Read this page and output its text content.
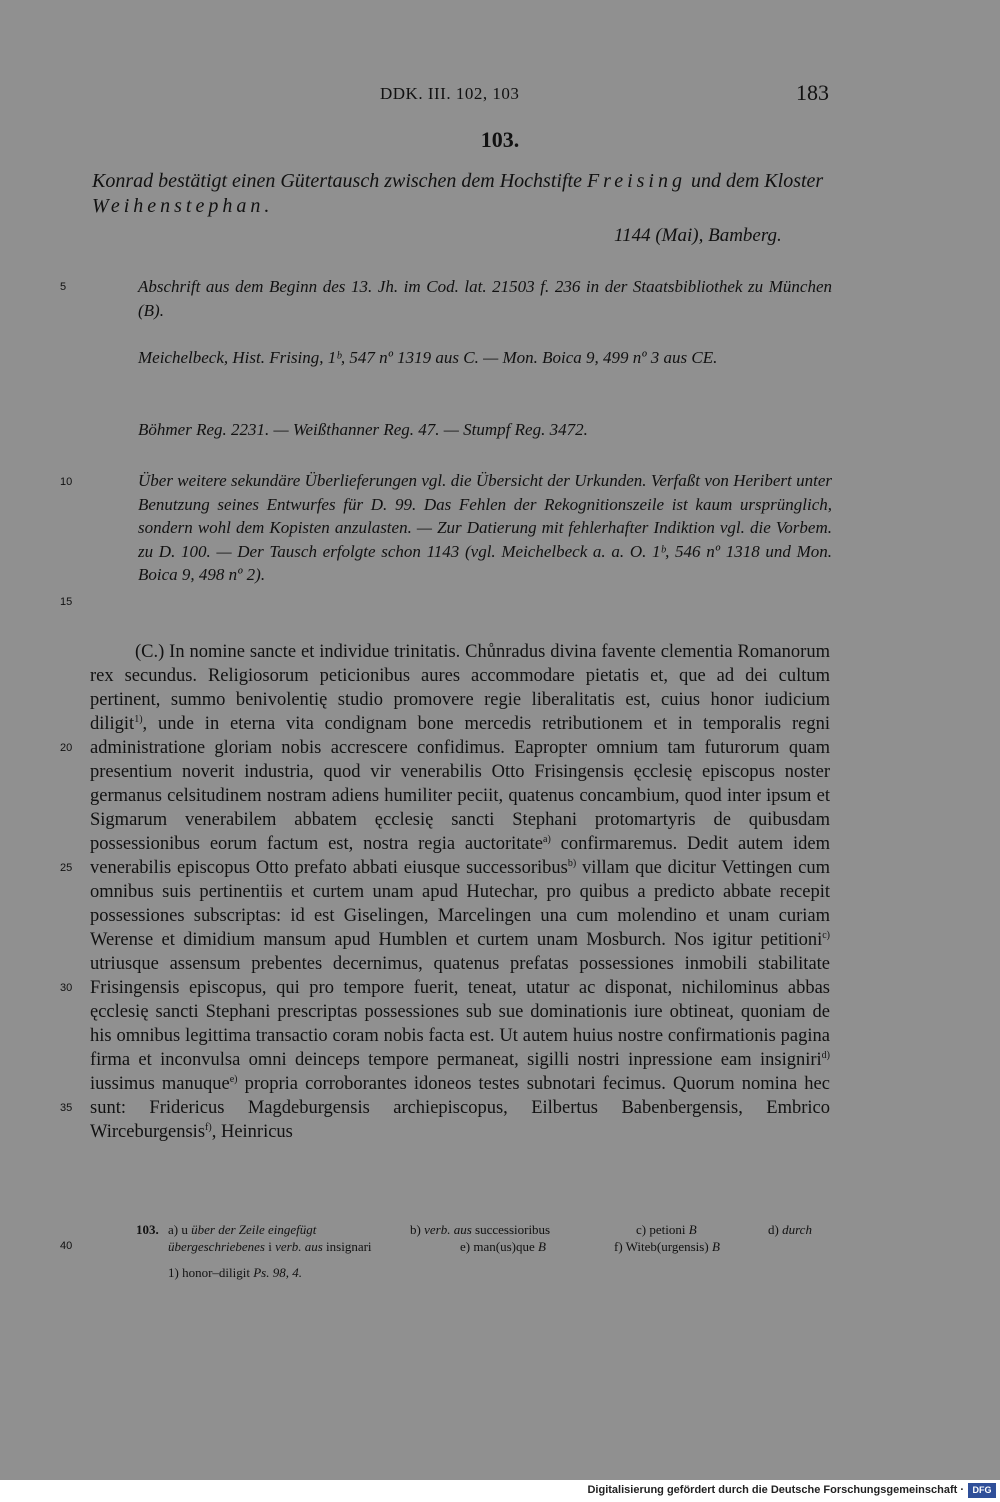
DDK. III. 102, 103	183
103.
Konrad bestätigt einen Gütertausch zwischen dem Hochstifte Freising und dem Kloster Weihenstephan.
1144 (Mai), Bamberg.

Abschrift aus dem Beginn des 13. Jh. im Cod. lat. 21503 f. 236 in der Staatsbibliothek zu München (B).

Meichelbeck, Hist. Frising, 1ᵇ, 547 nº 1319 aus C. — Mon. Boica 9, 499 nº 3 aus CE.

Böhmer Reg. 2231. — Weißthanner Reg. 47. — Stumpf Reg. 3472.

Über weitere sekundäre Überlieferungen vgl. die Übersicht der Urkunden. Verfaßt von Heribert unter Benutzung seines Entwurfes für D. 99. Das Fehlen der Rekognitionszeile ist kaum ursprünglich, sondern wohl dem Kopisten anzulasten. — Zur Datierung mit fehlerhafter Indiktion vgl. die Vorbem. zu D. 100. — Der Tausch erfolgte schon 1143 (vgl. Meichelbeck a. a. O. 1ᵇ, 546 nº 1318 und Mon. Boica 9, 498 nº 2).

(C.) In nomine sancte et individue trinitatis. Chůnradus divina favente clementia Romanorum rex secundus. Religiosorum peticionibus aures accommodare pietatis et, que ad dei cultum pertinent, summo benivolentię studio promovere regie liberalitatis est, cuius honor iudicium diligit$^{1)}$, unde in eterna vita condignam bone mercedis retributionem et in temporalis regni administratione gloriam nobis accrescere confidimus. Eapropter omnium tam futurorum quam presentium noverit industria, quod vir venerabilis Otto Frisingensis ęcclesię episcopus noster germanus celsitudinem nostram adiens humiliter peciit, quatenus concambium, quod inter ipsum et Sigmarum venerabilem abbatem ęcclesię sancti Stephani protomartyris de quibusdam possessionibus eorum factum est, nostra regia auctoritate$^{a)}$ confirmaremus. Dedit autem idem venerabilis episcopus Otto prefato abbati eiusque successoribus$^{b)}$ villam que dicitur Vettingen cum omnibus suis pertinentiis et curtem unam apud Hutechar, pro quibus a predicto abbate recepit possessiones subscriptas: id est Giselingen, Marcelingen una cum molendino et unam curiam Werense et dimidium mansum apud Humblen et curtem unam Mosburch. Nos igitur petitioni$^{c)}$ utriusque assensum prebentes decernimus, quatenus prefatas possessiones inmobili stabilitate Frisingensis episcopus, qui pro tempore fuerit, teneat, utatur ac disponat, nichilominus abbas ęcclesię sancti Stephani prescriptas possessiones sub sue dominationis iure obtineat, quoniam de his omnibus legittima transactio coram nobis facta est. Ut autem huius nostre confirmationis pagina firma et inconvulsa omni deinceps tempore permaneat, sigilli nostri inpressione eam insigniri$^{d)}$ iussimus manuque$^{e)}$ propria corroborantes idoneos testes subnotari fecimus. Quorum nomina hec sunt: Fridericus Magdeburgensis archiepiscopus, Eilbertus Babenbergensis, Embrico Wirceburgensis$^{f)}$, Heinricus

5
10
15
20
25
30
35
40
103. a) u über der Zeile eingefügt	b) verb. aus successioribus	c) petioni B	d) durch
übergeschriebenes i verb. aus insignari	e) man(us)que B	f) Witeb(urgensis) B
1) honor–diligit Ps. 98, 4.
Digitalisierung gefördert durch die Deutsche Forschungsgemeinschaft · DFG
